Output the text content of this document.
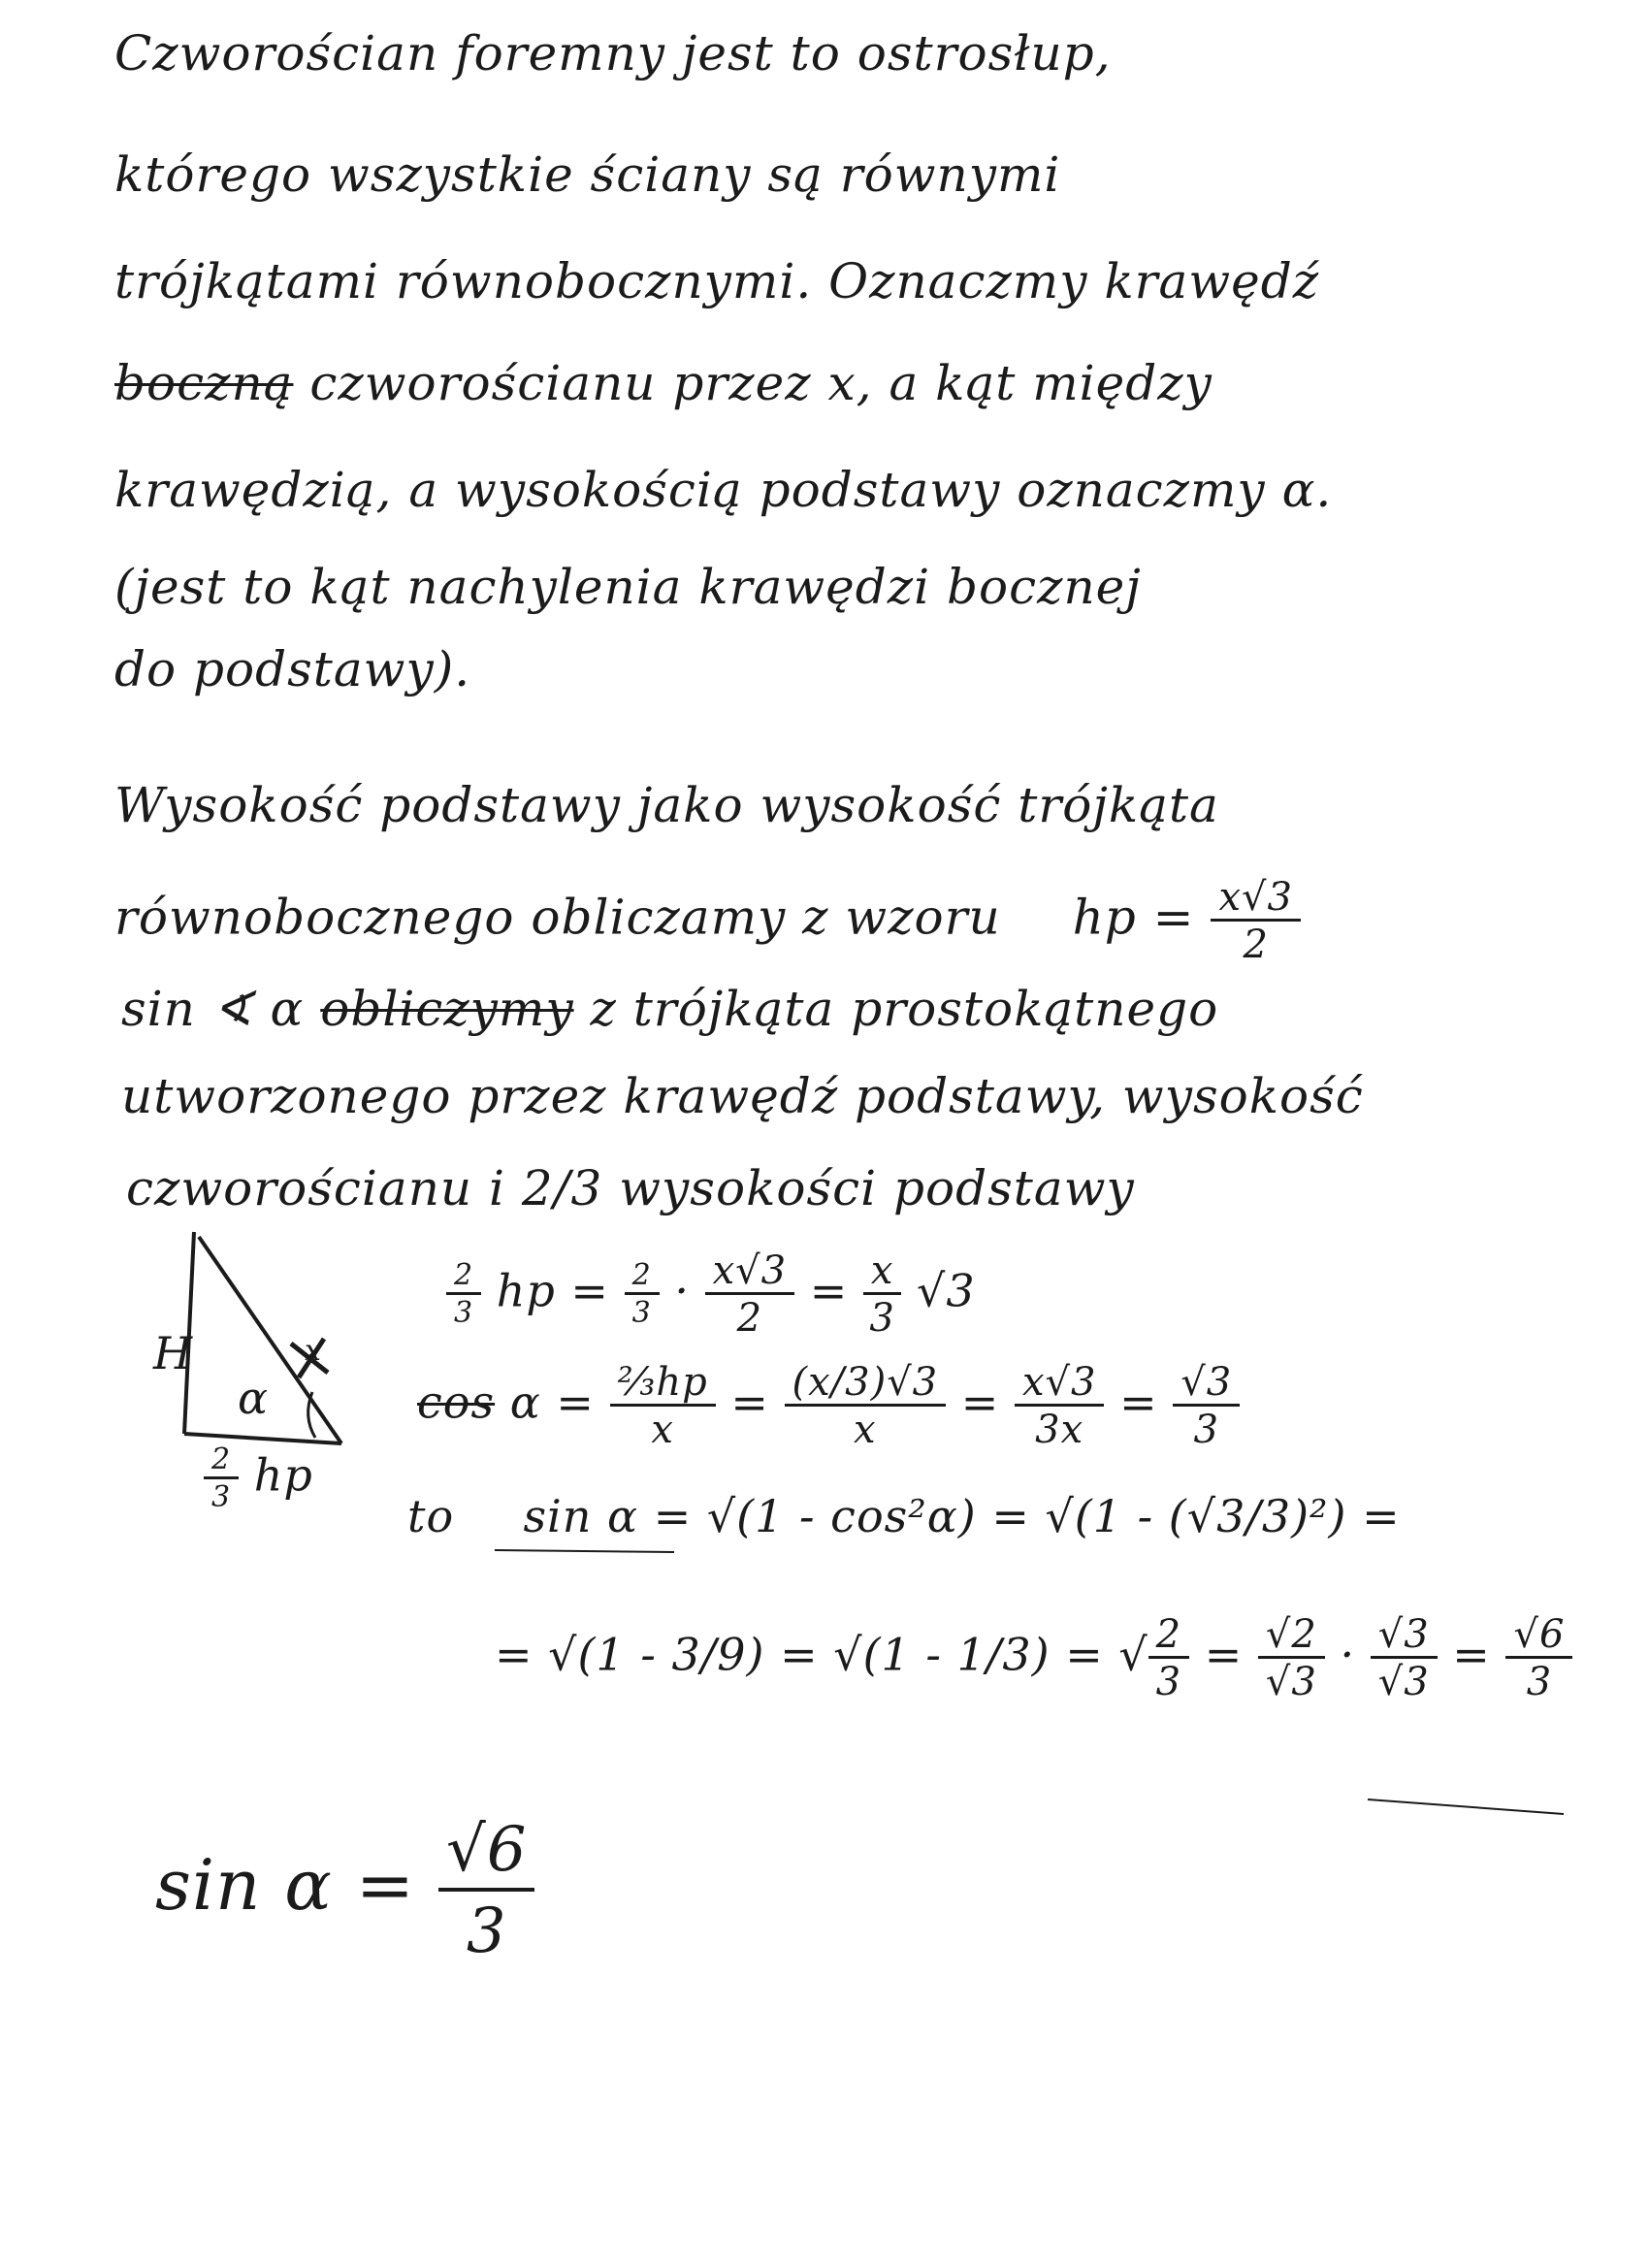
Czworościan foremny jest to ostrosłup,
którego wszystkie ściany są równymi
trójkątami równobocznymi. Oznaczmy krawędź
boczną czworościanu przez x, a kąt między
krawędzią, a wysokością podstawy oznaczmy α.
(jest to kąt nachylenia krawędzi bocznej
do podstawy).
Wysokość podstawy jako wysokość trójkąta
równobocznego obliczamy z wzoru hp = $\frac{x√3}{2}$
sin ∢ α obliczymy z trójkąta prostokątnego
utworzonego przez krawędź podstawy, wysokość
czworościanu i 2/3 wysokości podstawy
H
α
x
$\frac{2}{3}$ hp
$\frac{2}{3}$ hp = $\frac{2}{3} \cdot \frac{x√3}{2} = \frac{x}{3} √3$
$\cos \alpha = \frac{\text{⅔hp}}{x} = \frac{(x/3)√3}{x} = \frac{x√3}{3x} = \frac{√3}{3}$
to sin α = √(1 - cos²α) = √(1 - (√3/3)²) =
= √(1 - 3/9) = √(1 - 1/3) = √ $\frac{2}{3} = \frac{√2}{√3} \cdot \frac{√3}{√3} = \frac{√6}{3}$
$\sin \alpha = \frac{√6}{3}$
